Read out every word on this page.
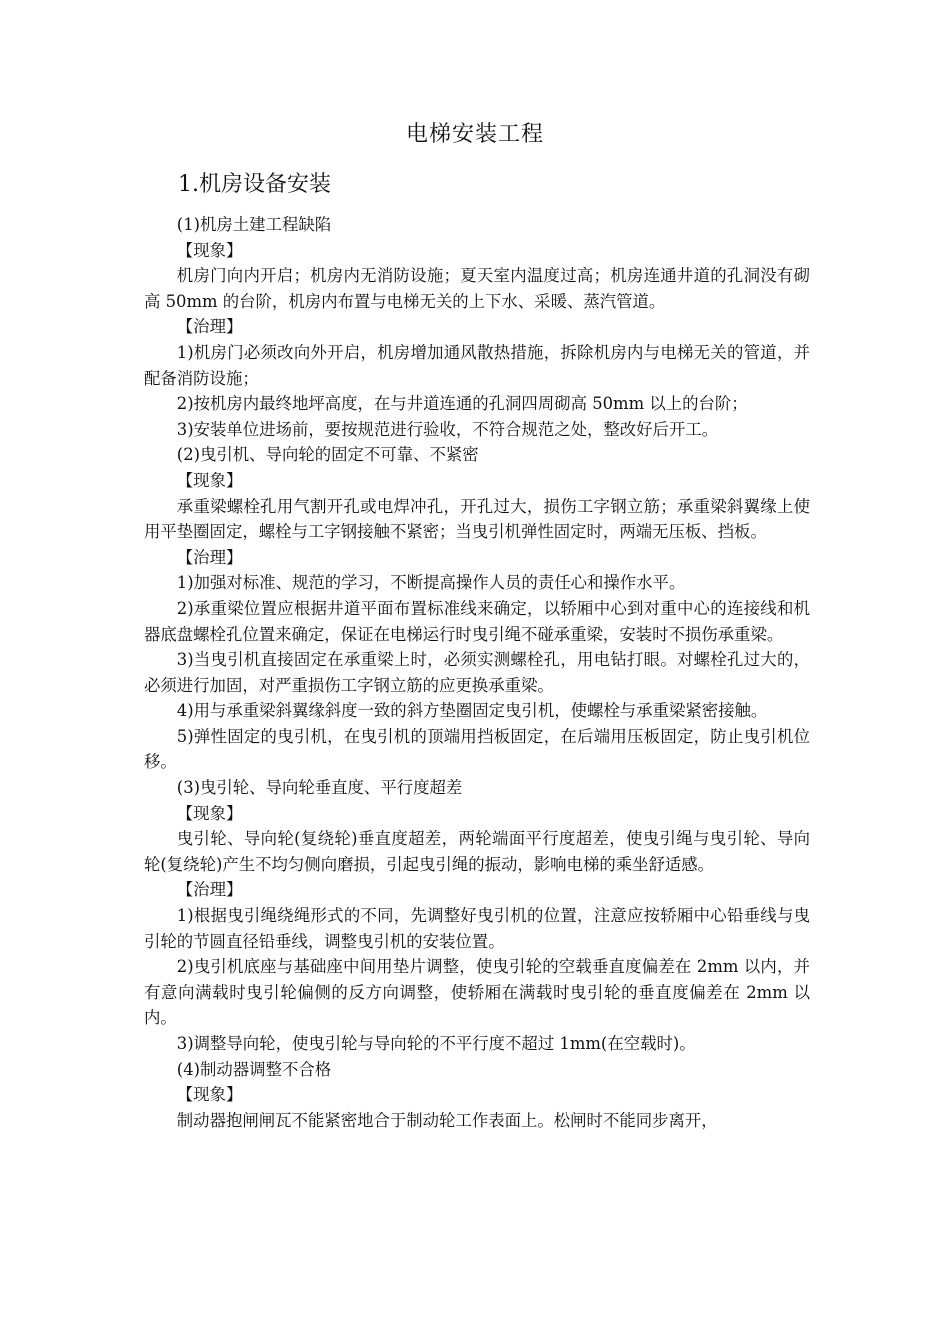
电梯安装工程
1.机房设备安装

(1)机房土建工程缺陷

【现象】

机房门向内开启；机房内无消防设施；夏天室内温度过高；机房连通井道的孔洞没有砌高 50mm 的台阶，机房内布置与电梯无关的上下水、采暖、蒸汽管道。

【治理】

1)机房门必须改向外开启，机房增加通风散热措施，拆除机房内与电梯无关的管道，并配备消防设施；

2)按机房内最终地坪高度，在与井道连通的孔洞四周砌高 50mm 以上的台阶；

3)安装单位进场前，要按规范进行验收，不符合规范之处，整改好后开工。

(2)曳引机、导向轮的固定不可靠、不紧密

【现象】

承重梁螺栓孔用气割开孔或电焊冲孔，开孔过大，损伤工字钢立筋；承重梁斜翼缘上使用平垫圈固定，螺栓与工字钢接触不紧密；当曳引机弹性固定时，两端无压板、挡板。

【治理】

1)加强对标准、规范的学习，不断提高操作人员的责任心和操作水平。

2)承重梁位置应根据井道平面布置标准线来确定，以轿厢中心到对重中心的连接线和机器底盘螺栓孔位置来确定，保证在电梯运行时曳引绳不碰承重梁，安装时不损伤承重梁。

3)当曳引机直接固定在承重梁上时，必须实测螺栓孔，用电钻打眼。对螺栓孔过大的，必须进行加固，对严重损伤工字钢立筋的应更换承重梁。

4)用与承重梁斜翼缘斜度一致的斜方垫圈固定曳引机，使螺栓与承重梁紧密接触。

5)弹性固定的曳引机，在曳引机的顶端用挡板固定，在后端用压板固定，防止曳引机位移。

(3)曳引轮、导向轮垂直度、平行度超差

【现象】

曳引轮、导向轮(复绕轮)垂直度超差，两轮端面平行度超差，使曳引绳与曳引轮、导向轮(复绕轮)产生不均匀侧向磨损，引起曳引绳的振动，影响电梯的乘坐舒适感。

【治理】

1)根据曳引绳绕绳形式的不同，先调整好曳引机的位置，注意应按轿厢中心铅垂线与曳引轮的节圆直径铅垂线，调整曳引机的安装位置。

2)曳引机底座与基础座中间用垫片调整，使曳引轮的空载垂直度偏差在 2mm 以内，并有意向满载时曳引轮偏侧的反方向调整，使轿厢在满载时曳引轮的垂直度偏差在 2mm 以内。

3)调整导向轮，使曳引轮与导向轮的不平行度不超过 1mm(在空载时)。

(4)制动器调整不合格

【现象】

制动器抱闸闸瓦不能紧密地合于制动轮工作表面上。松闸时不能同步离开，
